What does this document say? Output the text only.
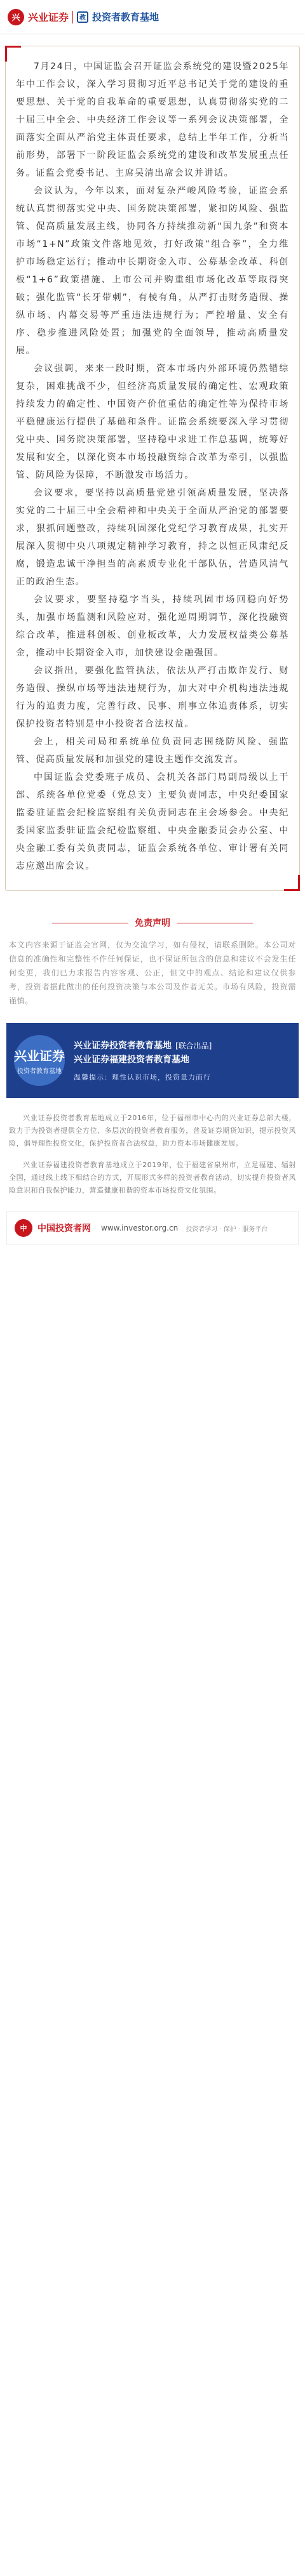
兴 兴业证券	教 投资者教育基地

7月24日，中国证监会召开证监会系统党的建设暨2025年年中工作会议，深入学习贯彻习近平总书记关于党的建设的重要思想、关于党的自我革命的重要思想，认真贯彻落实党的二十届三中全会、中央经济工作会议等一系列会议决策部署，全面落实全面从严治党主体责任要求，总结上半年工作，分析当前形势，部署下一阶段证监会系统党的建设和改革发展重点任务。证监会党委书记、主席吴清出席会议并讲话。

会议认为，今年以来，面对复杂严峻风险考验，证监会系统认真贯彻落实党中央、国务院决策部署，紧扣防风险、强监管、促高质量发展主线，协同各方持续推动新“国九条”和资本市场“1+N”政策文件落地见效，打好政策“组合拳”，全力维护市场稳定运行；推动中长期资金入市、公募基金改革、科创板“1+6”政策措施、上市公司并购重组市场化改革等取得突破；强化监管“长牙带刺”，有棱有角，从严打击财务造假、操纵市场、内幕交易等严重违法违规行为；严控增量、安全有序、稳步推进风险处置；加强党的全面领导，推动高质量发展。

会议强调，来来一段时期，资本市场内外部环境仍然错综复杂，困难挑战不少，但经济高质量发展的确定性、宏观政策持续发力的确定性、中国资产价值重估的确定性等为保持市场平稳健康运行提供了基础和条件。证监会系统要深入学习贯彻党中央、国务院决策部署，坚持稳中求进工作总基调，统筹好发展和安全，以深化资本市场投融资综合改革为牵引，以强监管、防风险为保障，不断激发市场活力。

会议要求，要坚持以高质量党建引领高质量发展，坚决落实党的二十届三中全会精神和中央关于全面从严治党的部署要求，狠抓问题整改，持续巩固深化党纪学习教育成果，扎实开展深入贯彻中央八项规定精神学习教育，持之以恒正风肃纪反腐，锻造忠诚干净担当的高素质专业化干部队伍，营造风清气正的政治生态。

会议要求，要坚持稳字当头，持续巩固市场回稳向好势头，加强市场监测和风险应对，强化逆周期调节，深化投融资综合改革，推进科创板、创业板改革，大力发展权益类公募基金，推动中长期资金入市，加快建设金融强国。

会议指出，要强化监管执法，依法从严打击欺诈发行、财务造假、操纵市场等违法违规行为，加大对中介机构违法违规行为的追责力度，完善行政、民事、刑事立体追责体系，切实保护投资者特别是中小投资者合法权益。

会上，相关司局和系统单位负责同志围绕防风险、强监管、促高质量发展和加强党的建设主题作交流发言。

中国证监会党委班子成员、会机关各部门局副局级以上干部、系统各单位党委（党总支）主要负责同志，中央纪委国家监委驻证监会纪检监察组有关负责同志在主会场参会。中央纪委国家监委驻证监会纪检监察组、中央金融委员会办公室、中央金融工委有关负责同志，证监会系统各单位、审计署有关同志应邀出席会议。

免责声明
本文内容来源于证监会官网，仅为交流学习，如有侵权，请联系删除。本公司对信息的准确性和完整性不作任何保证，也不保证所包含的信息和建议不会发生任何变更，我们已力求报告内容客观、公正，但文中的观点、结论和建议仅供参考，投资者据此做出的任何投资决策与本公司及作者无关。市场有风险，投资需谨慎。
兴业证券
投资者教育基地
兴业证券投资者教育基地 [联合出品]
兴业证券福建投资者教育基地
温馨提示：理性认识市场，投资量力而行

兴业证券投资者教育基地成立于2016年，位于福州市中心内的兴业证券总部大楼，致力于为投资者提供全方位、多层次的投资者教育服务，普及证券期货知识，提示投资风险，倡导理性投资文化，保护投资者合法权益，助力资本市场健康发展。

兴业证券福建投资者教育基地成立于2019年，位于福建省泉州市，立足福建、辐射全国，通过线上线下相结合的方式，开展形式多样的投资者教育活动，切实提升投资者风险意识和自我保护能力，营造健康和谐的资本市场投资文化氛围。

中	中国投资者网 www.investor.org.cn 投资者学习 · 保护 · 服务平台
